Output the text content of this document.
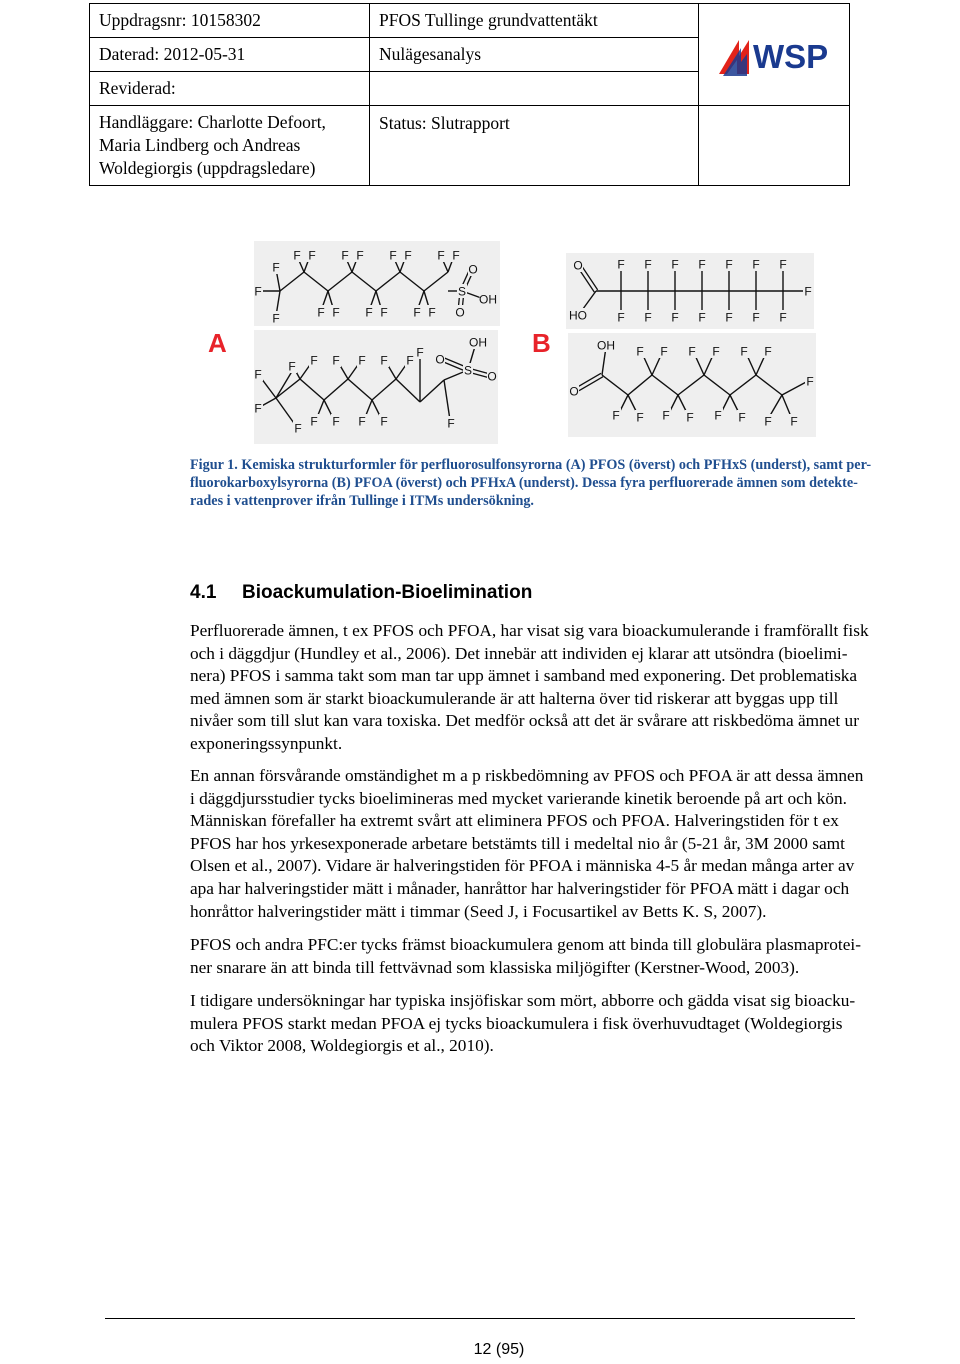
Uppdragsnr: 10158302	PFOS Tullinge grundvattentäkt	WSP

Daterad: 2012-05-31	Nulägesanalys	
Reviderad:		

Handläggare: Charlotte Defoort,
Maria Lindberg och Andreas
Woldegiorgis (uppdragsledare)	Status: Slutrapport	
A	B
F
F
F
F F
F F
F F
F F
F F
F F
F F
S
O
O
OH
F
F
F
F
F
F F
F
F
F F
F
F
F
F
S
OH
O
O
O
HO
F
F
F
F
F
F
F
F
F
F
F
F
F
F
F
OH
O
F F
F F
F F
F F
F F
F F
F
F
F
Figur 1. Kemiska strukturformler för perfluorosulfonsyrorna (A) PFOS (överst) och PFHxS (underst), samt per-
fluorokarboxylsyrorna (B) PFOA (överst) och PFHxA (underst). Dessa fyra perfluorerade ämnen som detekte-
rades i vattenprover ifrån Tullinge i ITMs undersökning.
4.1 Bioackumulation-Bioelimination
Perfluorerade ämnen, t ex PFOS och PFOA, har visat sig vara bioackumulerande i framförallt fisk
och i däggdjur (Hundley et al., 2006). Det innebär att individen ej klarar att utsöndra (bioelimi-
nera) PFOS i samma takt som man tar upp ämnet i samband med exponering. Det problematiska
med ämnen som är starkt bioackumulerande är att halterna över tid riskerar att byggas upp till
nivåer som till slut kan vara toxiska. Det medför också att det är svårare att riskbedöma ämnet ur
exponeringssynpunkt.
En annan försvårande omständighet m a p riskbedömning av PFOS och PFOA är att dessa ämnen
i däggdjursstudier tycks bioelimineras med mycket varierande kinetik beroende på art och kön.
Människan förefaller ha extremt svårt att eliminera PFOS och PFOA. Halveringstiden för t ex
PFOS har hos yrkesexponerade arbetare betstämts till i medeltal nio år (5-21 år, 3M 2000 samt
Olsen et al., 2007). Vidare är halveringstiden för PFOA i människa 4-5 år medan många arter av
apa har halveringstider mätt i månader, hanråttor har halveringstider för PFOA mätt i dagar och
honråttor halveringstider mätt i timmar (Seed J, i Focusartikel av Betts K. S, 2007).
PFOS och andra PFC:er tycks främst bioackumulera genom att binda till globulära plasmaprotei-
ner snarare än att binda till fettvävnad som klassiska miljögifter (Kerstner-Wood, 2003).
I tidigare undersökningar har typiska insjöfiskar som mört, abborre och gädda visat sig bioacku-
mulera PFOS starkt medan PFOA ej tycks bioackumulera i fisk överhuvudtaget (Woldegiorgis
och Viktor 2008, Woldegiorgis et al., 2010).
12 (95)
